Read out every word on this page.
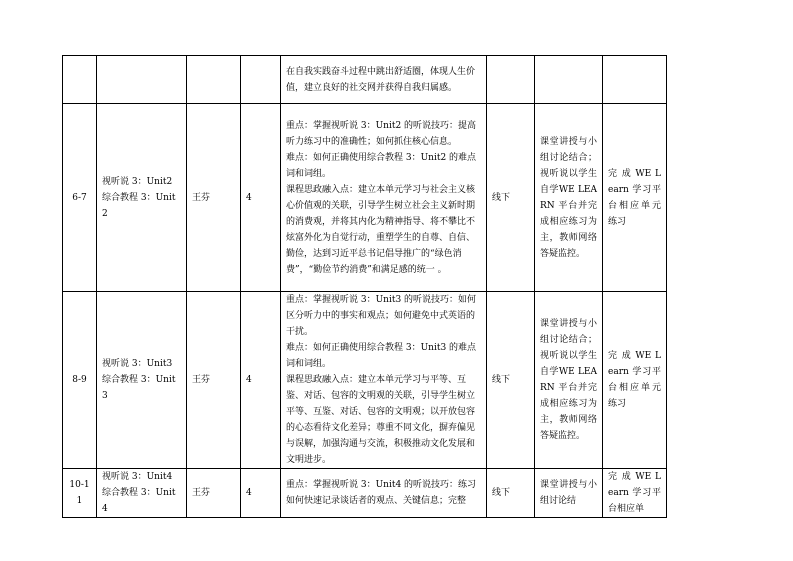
				在自我实践奋斗过程中跳出舒适圈，体现人生价值，建立良好的社交网并获得自我归属感。			

6-7	视听说 3：Unit2
综合教程 3：Unit2	王芬	4	重点：掌握视听说 3：Unit2 的听说技巧：提高听力练习中的准确性；如何抓住核心信息。
难点：如何正确使用综合教程 3：Unit2 的难点词和词组。
课程思政融入点：建立本单元学习与社会主义核心价值观的关联，引导学生树立社会主义新时期的消费观，并将其内化为精神指导、将不攀比不炫富外化为自觉行动，重塑学生的自尊、自信、勤俭，达到习近平总书记倡导推广的“绿色消费”，“勤俭节约消费”和满足感的统一 。	线下	课堂讲授与小组讨论结合；视听说以学生自学WE LEARN 平台并完成相应练习为主，教师网络答疑监控。	完 成 WE Learn 学习平台相应单元练习
8-9	视听说 3：Unit3
综合教程 3：Unit3	王芬	4	重点：掌握视听说 3：Unit3 的听说技巧：如何区分听力中的事实和观点；如何避免中式英语的干扰。
难点：如何正确使用综合教程 3：Unit3 的难点词和词组。
课程思政融入点：建立本单元学习与平等、互鉴、对话、包容的文明观的关联，引导学生树立平等、互鉴、对话、包容的文明观；以开放包容的心态看待文化差异；尊重不同文化，摒弃偏见与误解，加强沟通与交流，积极推动文化发展和文明进步。	线下	课堂讲授与小组讨论结合；视听说以学生自学WE LEARN 平台并完成相应练习为主，教师网络答疑监控。	完 成 WE Learn 学习平台相应单元练习
10-11	视听说 3：Unit4
综合教程 3：Unit4	王芬	4	重点：掌握视听说 3：Unit4 的听说技巧：练习如何快速记录谈话者的观点、关键信息；完整	线下	课堂讲授与小组讨论结	完 成 WE Learn 学习平台相应单
